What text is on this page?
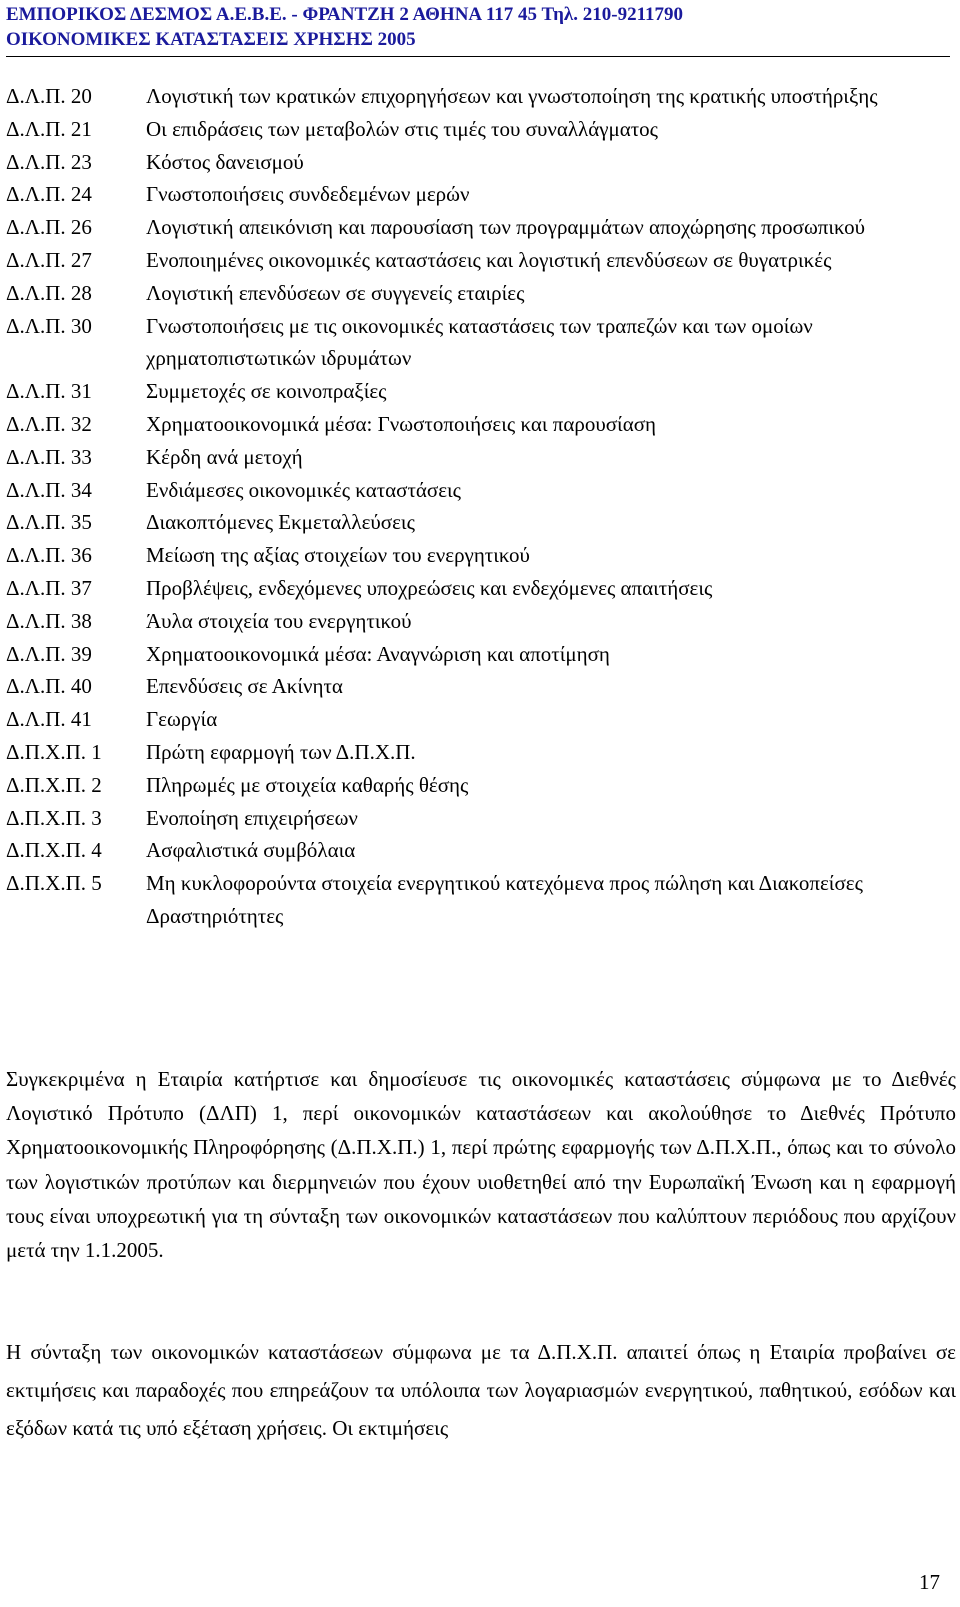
ΕΜΠΟΡΙΚΟΣ ΔΕΣΜΟΣ Α.Ε.Β.Ε. - ΦΡΑΝΤΖΗ 2 ΑΘΗΝΑ 117 45 Τηλ. 210-9211790
ΟΙΚΟΝΟΜΙΚΕΣ ΚΑΤΑΣΤΑΣΕΙΣ ΧΡΗΣΗΣ 2005
Δ.Λ.Π. 20	Λογιστική των κρατικών επιχορηγήσεων και γνωστοποίηση της κρατικής υποστήριξης
Δ.Λ.Π. 21	Οι επιδράσεις των μεταβολών στις τιμές του συναλλάγματος
Δ.Λ.Π. 23	Κόστος δανεισμού
Δ.Λ.Π. 24	Γνωστοποιήσεις συνδεδεμένων μερών
Δ.Λ.Π. 26	Λογιστική απεικόνιση και παρουσίαση των προγραμμάτων αποχώρησης προσωπικού
Δ.Λ.Π. 27	Ενοποιημένες οικονομικές καταστάσεις και λογιστική επενδύσεων σε θυγατρικές
Δ.Λ.Π. 28	Λογιστική επενδύσεων σε συγγενείς εταιρίες
Δ.Λ.Π. 30	Γνωστοποιήσεις με τις οικονομικές καταστάσεις των τραπεζών και των ομοίων χρηματοπιστωτικών ιδρυμάτων
Δ.Λ.Π. 31	Συμμετοχές σε κοινοπραξίες
Δ.Λ.Π. 32	Χρηματοοικονομικά μέσα: Γνωστοποιήσεις και παρουσίαση
Δ.Λ.Π. 33	Κέρδη ανά μετοχή
Δ.Λ.Π. 34	Ενδιάμεσες οικονομικές καταστάσεις
Δ.Λ.Π. 35	Διακοπτόμενες Εκμεταλλεύσεις
Δ.Λ.Π. 36	Μείωση της αξίας στοιχείων του ενεργητικού
Δ.Λ.Π. 37	Προβλέψεις, ενδεχόμενες υποχρεώσεις και ενδεχόμενες απαιτήσεις
Δ.Λ.Π. 38	Άυλα στοιχεία του ενεργητικού
Δ.Λ.Π. 39	Χρηματοοικονομικά μέσα: Αναγνώριση και αποτίμηση
Δ.Λ.Π. 40	Επενδύσεις σε Ακίνητα
Δ.Λ.Π. 41	Γεωργία
Δ.Π.Χ.Π. 1	Πρώτη εφαρμογή των Δ.Π.Χ.Π.
Δ.Π.Χ.Π. 2	Πληρωμές με στοιχεία καθαρής θέσης
Δ.Π.Χ.Π. 3	Ενοποίηση επιχειρήσεων
Δ.Π.Χ.Π. 4	Ασφαλιστικά συμβόλαια
Δ.Π.Χ.Π. 5	Μη κυκλοφορούντα στοιχεία ενεργητικού κατεχόμενα προς πώληση και Διακοπείσες Δραστηριότητες

Συγκεκριμένα η Εταιρία κατήρτισε και δημοσίευσε τις οικονομικές καταστάσεις σύμφωνα με το Διεθνές Λογιστικό Πρότυπο (ΔΛΠ) 1, περί οικονομικών καταστάσεων και ακολούθησε το Διεθνές Πρότυπο Χρηματοοικονομικής Πληροφόρησης (Δ.Π.Χ.Π.) 1, περί πρώτης εφαρμογής των Δ.Π.Χ.Π., όπως και το σύνολο των λογιστικών προτύπων και διερμηνειών που έχουν υιοθετηθεί από την Ευρωπαϊκή Ένωση και η εφαρμογή τους είναι υποχρεωτική για τη σύνταξη των οικονομικών καταστάσεων που καλύπτουν περιόδους που αρχίζουν μετά την 1.1.2005.

Η σύνταξη των οικονομικών καταστάσεων σύμφωνα με τα Δ.Π.Χ.Π. απαιτεί όπως η Εταιρία προβαίνει σε εκτιμήσεις και παραδοχές που επηρεάζουν τα υπόλοιπα των λογαριασμών ενεργητικού, παθητικού, εσόδων και εξόδων κατά τις υπό εξέταση χρήσεις. Οι εκτιμήσεις

17
